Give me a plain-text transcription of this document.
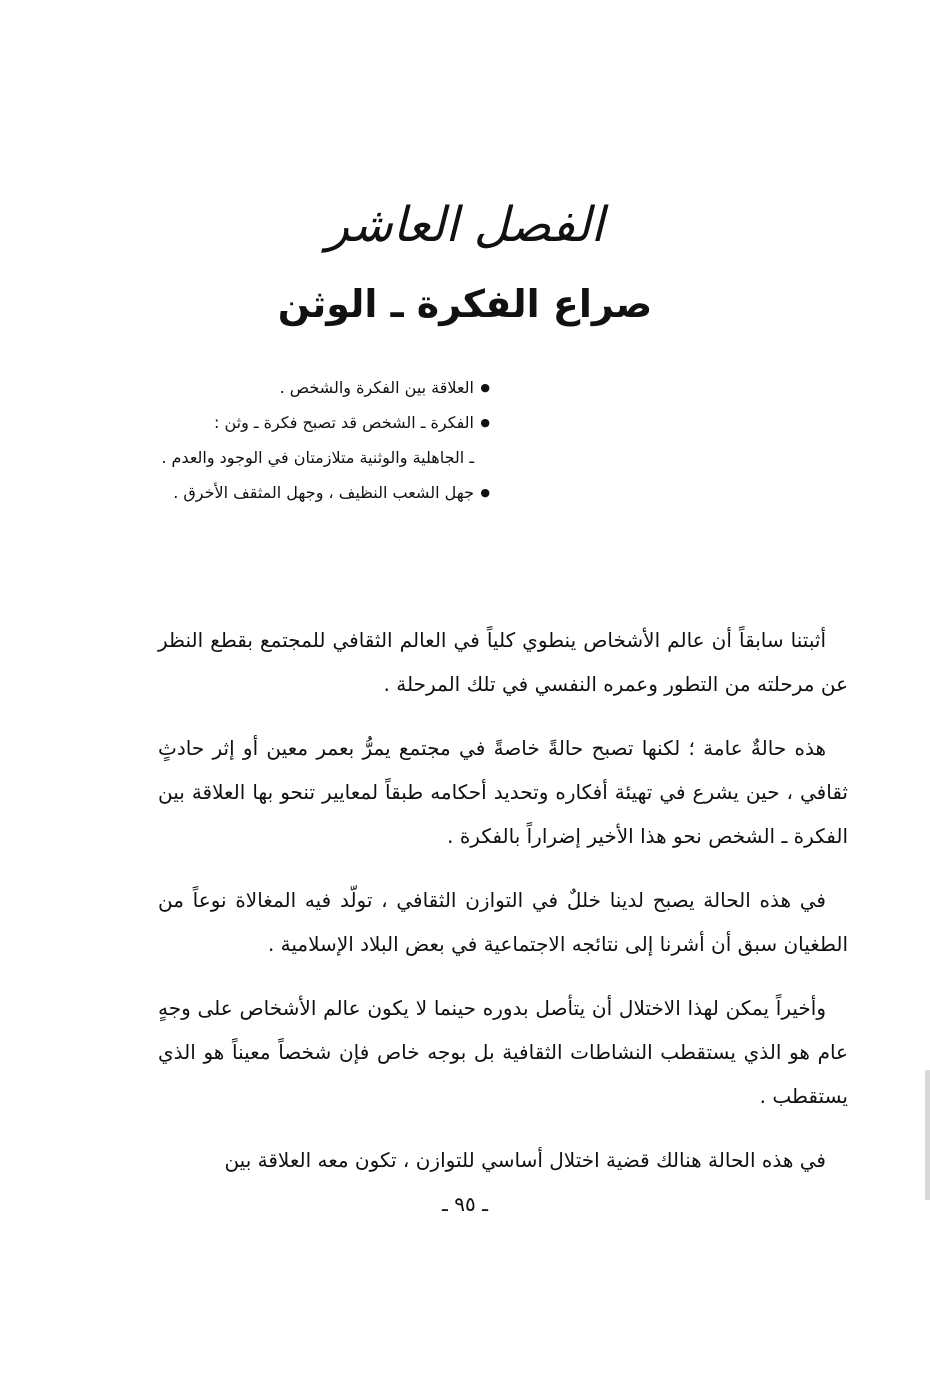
الفصل العاشر
صراع الفكرة ـ الوثن
● العلاقة بين الفكرة والشخص .
● الفكرة ـ الشخص قد تصبح فكرة ـ وثن :
ـ الجاهلية والوثنية متلازمتان في الوجود والعدم .
● جهل الشعب النظيف ، وجهل المثقف الأخرق .

أثبتنا سابقاً أن عالم الأشخاص ينطوي كلياً في العالم الثقافي للمجتمع بقطع النظر عن مرحلته من التطور وعمره النفسي في تلك المرحلة .

هذه حالةٌ عامة ؛ لكنها تصبح حالةً خاصةً في مجتمع يمرُّ بعمر معين أو إثر حادثٍ ثقافي ، حين يشرع في تهيئة أفكاره وتحديد أحكامه طبقاً لمعايير تنحو بها العلاقة بين الفكرة ـ الشخص نحو هذا الأخير إضراراً بالفكرة .

في هذه الحالة يصبح لدينا خللٌ في التوازن الثقافي ، تولّد فيه المغالاة نوعاً من الطغيان سبق أن أشرنا إلى نتائجه الاجتماعية في بعض البلاد الإسلامية .

وأخيراً يمكن لهذا الاختلال أن يتأصل بدوره حينما لا يكون عالم الأشخاص على وجهٍ عام هو الذي يستقطب النشاطات الثقافية بل بوجه خاص فإن شخصاً معيناً هو الذي يستقطب .

في هذه الحالة هنالك قضية اختلال أساسي للتوازن ، تكون معه العلاقة بين

ـ ٩٥ ـ
